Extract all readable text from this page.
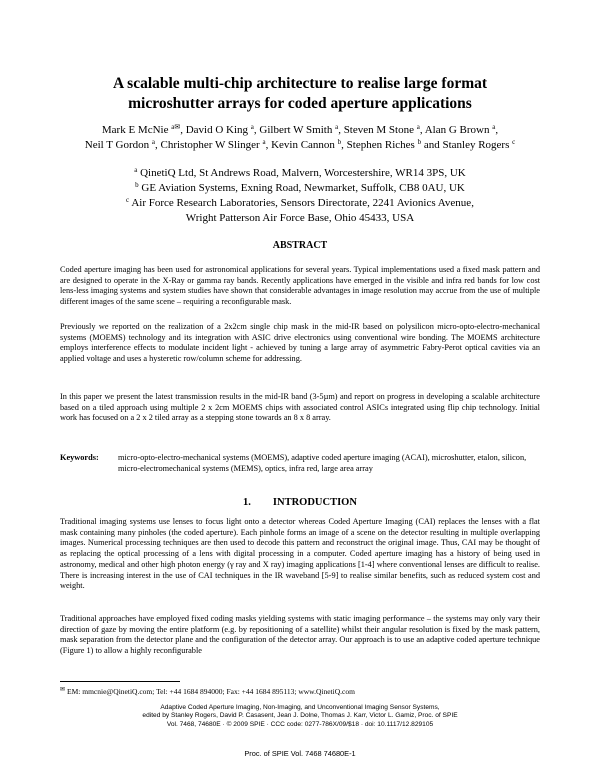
A scalable multi-chip architecture to realise large format
microshutter arrays for coded aperture applications
Mark E McNie $^{a✉}$, David O King $^a$, Gilbert W Smith $^a$, Steven M Stone $^a$, Alan G Brown $^a$,
Neil T Gordon $^a$, Christopher W Slinger $^a$, Kevin Cannon $^b$, Stephen Riches $^b$ and Stanley Rogers $^c$
$^a$ QinetiQ Ltd, St Andrews Road, Malvern, Worcestershire, WR14 3PS, UK
$^b$ GE Aviation Systems, Exning Road, Newmarket, Suffolk, CB8 0AU, UK
$^c$ Air Force Research Laboratories, Sensors Directorate, 2241 Avionics Avenue,
Wright Patterson Air Force Base, Ohio 45433, USA
ABSTRACT

Coded aperture imaging has been used for astronomical applications for several years. Typical implementations used a fixed mask pattern and are designed to operate in the X-Ray or gamma ray bands. Recently applications have emerged in the visible and infra red bands for low cost lens-less imaging systems and system studies have shown that considerable advantages in image resolution may accrue from the use of multiple different images of the same scene – requiring a reconfigurable mask.

Previously we reported on the realization of a 2x2cm single chip mask in the mid-IR based on polysilicon micro-opto-electro-mechanical systems (MOEMS) technology and its integration with ASIC drive electronics using conventional wire bonding. The MOEMS architecture employs interference effects to modulate incident light - achieved by tuning a large array of asymmetric Fabry-Perot optical cavities via an applied voltage and uses a hysteretic row/column scheme for addressing.

In this paper we present the latest transmission results in the mid-IR band (3-5µm) and report on progress in developing a scalable architecture based on a tiled approach using multiple 2 x 2cm MOEMS chips with associated control ASICs integrated using flip chip technology. Initial work has focused on a 2 x 2 tiled array as a stepping stone towards an 8 x 8 array.

Keywords: micro-opto-electro-mechanical systems (MOEMS), adaptive coded aperture imaging (ACAI), microshutter, etalon, silicon, micro-electromechanical systems (MEMS), optics, infra red, large area array
1. INTRODUCTION

Traditional imaging systems use lenses to focus light onto a detector whereas Coded Aperture Imaging (CAI) replaces the lenses with a flat mask containing many pinholes (the coded aperture). Each pinhole forms an image of a scene on the detector resulting in multiple overlapping images. Numerical processing techniques are then used to decode this pattern and reconstruct the original image. Thus, CAI may be thought of as replacing the optical processing of a lens with digital processing in a computer. Coded aperture imaging has a history of being used in astronomy, medical and other high photon energy (γ ray and X ray) imaging applications [1-4] where conventional lenses are difficult to realise. There is increasing interest in the use of CAI techniques in the IR waveband [5-9] to realise similar benefits, such as reduced system cost and weight.

Traditional approaches have employed fixed coding masks yielding systems with static imaging performance – the systems may only vary their direction of gaze by moving the entire platform (e.g. by repositioning of a satellite) whilst their angular resolution is fixed by the mask pattern, mask separation from the detector plane and the configuration of the detector array. Our approach is to use an adaptive coded aperture technique (Figure 1) to allow a highly reconfigurable

✉ EM: mmcnie@QinetiQ.com; Tel: +44 1684 894000; Fax: +44 1684 895113; www.QinetiQ.com
Adaptive Coded Aperture Imaging, Non-Imaging, and Unconventional Imaging Sensor Systems,
edited by Stanley Rogers, David P. Casasent, Jean J. Dolne, Thomas J. Karr, Victor L. Gamiz, Proc. of SPIE
Vol. 7468, 74680E · © 2009 SPIE · CCC code: 0277-786X/09/$18 · doi: 10.1117/12.829105
Proc. of SPIE Vol. 7468 74680E-1
